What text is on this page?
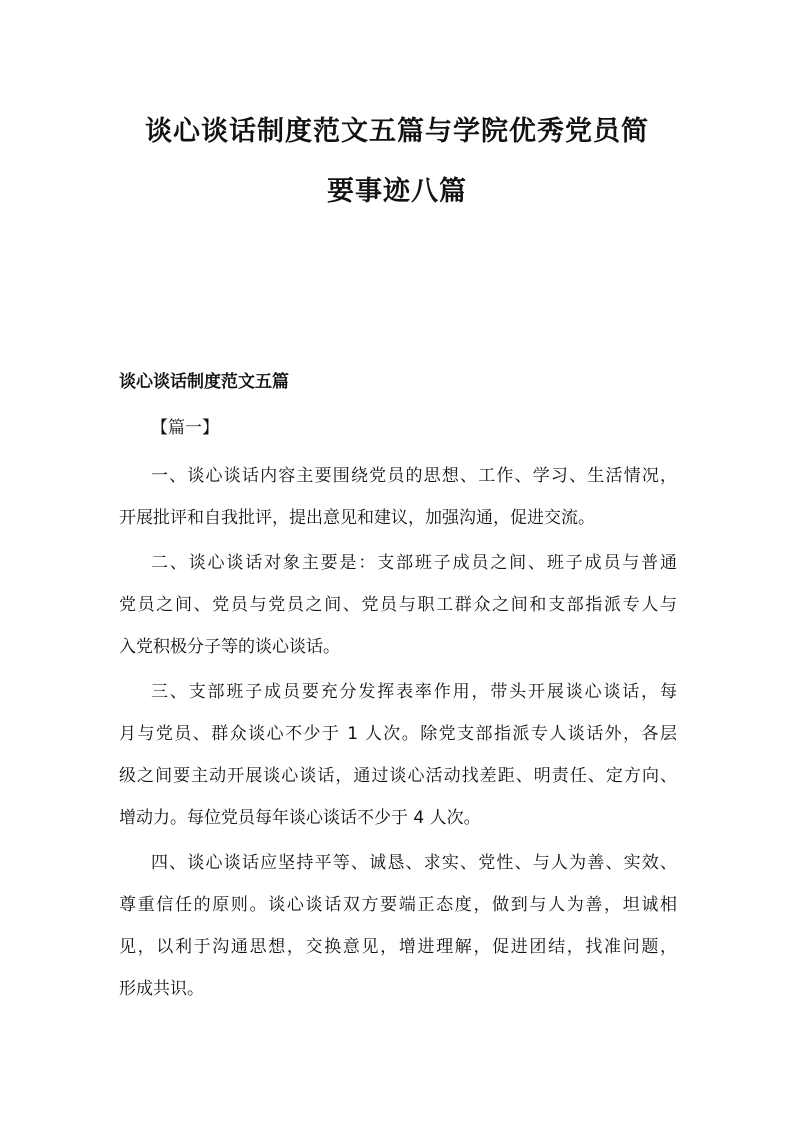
谈心谈话制度范文五篇与学院优秀党员简
要事迹八篇
谈心谈话制度范文五篇
【篇一】
一、谈心谈话内容主要围绕党员的思想、工作、学习、生活情况，
开展批评和自我批评，提出意见和建议，加强沟通，促进交流。
二、谈心谈话对象主要是：支部班子成员之间、班子成员与普通
党员之间、党员与党员之间、党员与职工群众之间和支部指派专人与
入党积极分子等的谈心谈话。
三、支部班子成员要充分发挥表率作用，带头开展谈心谈话，每
月与党员、群众谈心不少于 1 人次。除党支部指派专人谈话外，各层
级之间要主动开展谈心谈话，通过谈心活动找差距、明责任、定方向、
增动力。每位党员每年谈心谈话不少于 4 人次。
四、谈心谈话应坚持平等、诚恳、求实、党性、与人为善、实效、
尊重信任的原则。谈心谈话双方要端正态度，做到与人为善，坦诚相
见，以利于沟通思想，交换意见，增进理解，促进团结，找准问题，
形成共识。
